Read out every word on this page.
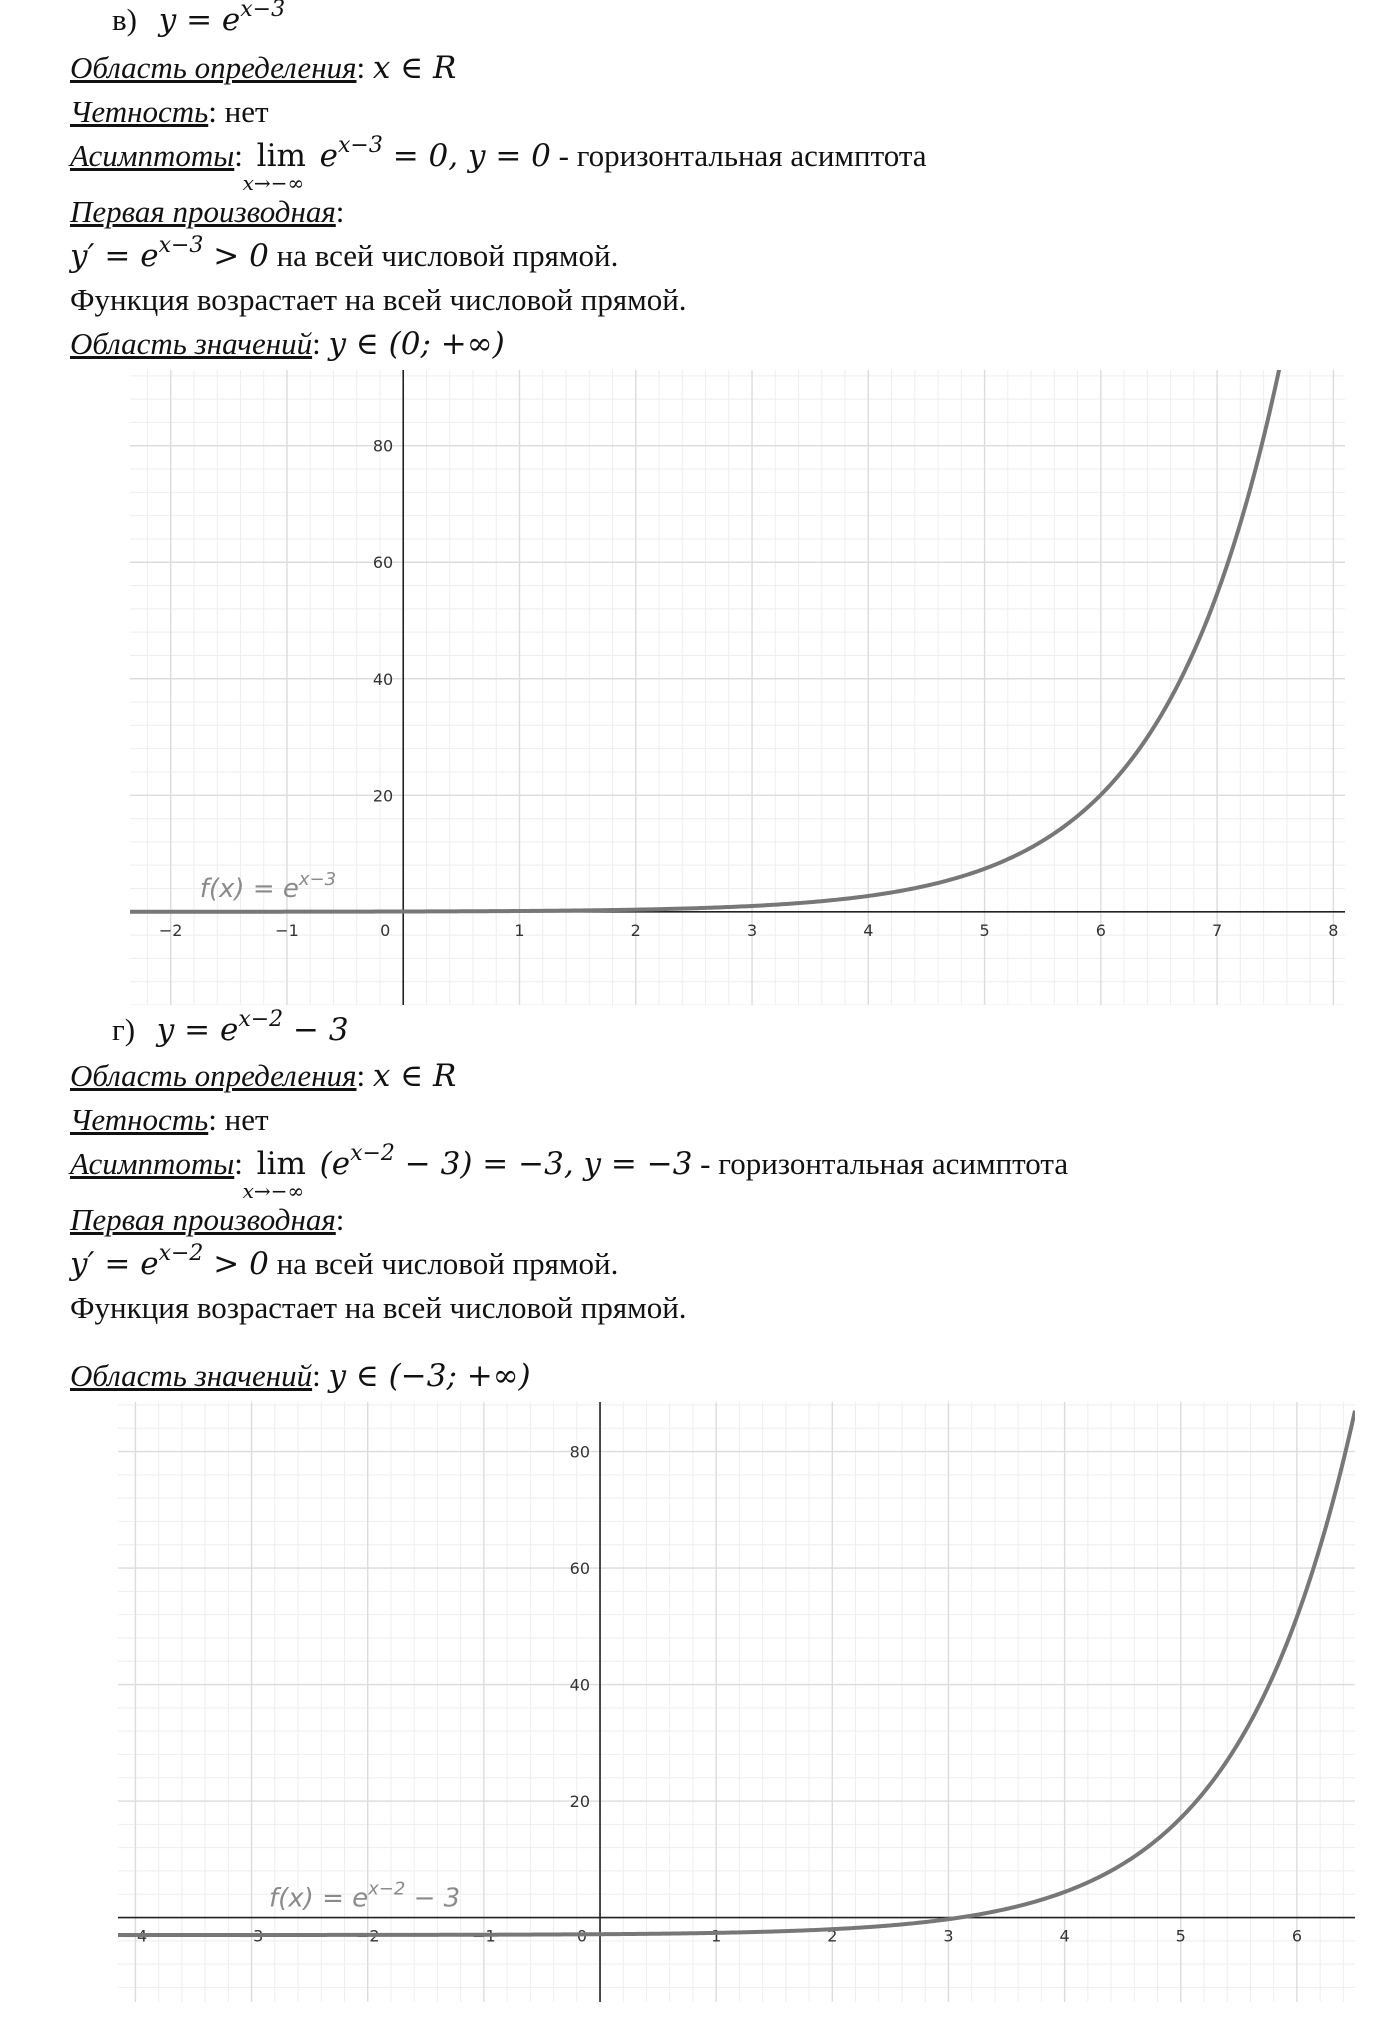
в) $y = e^{x-3}$
Область определения: x ∈ R
Четность: нет
Асимптоты: lim
x→−∞
$e^{x-3} = 0$, y = 0 - горизонтальная асимптота
Первая производная:
$y' = e^{x-3} > 0$ на всей числовой прямой.
Функция возрастает на всей числовой прямой.
Область значений: y ∈ (0; +∞)
−2	−1	0	1	2	3	4	5	6	7	8
20
40
60
80
$f(x) = e^{x-3}$
г) $y = e^{x-2} - 3$
Область определения: x ∈ R
Четность: нет
Асимптоты: lim
x→−∞
$(e^{x-2} - 3) = -3$, y = −3 - горизонтальная асимптота
Первая производная:
$y' = e^{x-2} > 0$ на всей числовой прямой.
Функция возрастает на всей числовой прямой.
Область значений: y ∈ (−3; +∞)
−4	−3	−2	−1	0	1	2	3	4	5	6
20
40
60
80
$f(x) = e^{x-2} - 3$
